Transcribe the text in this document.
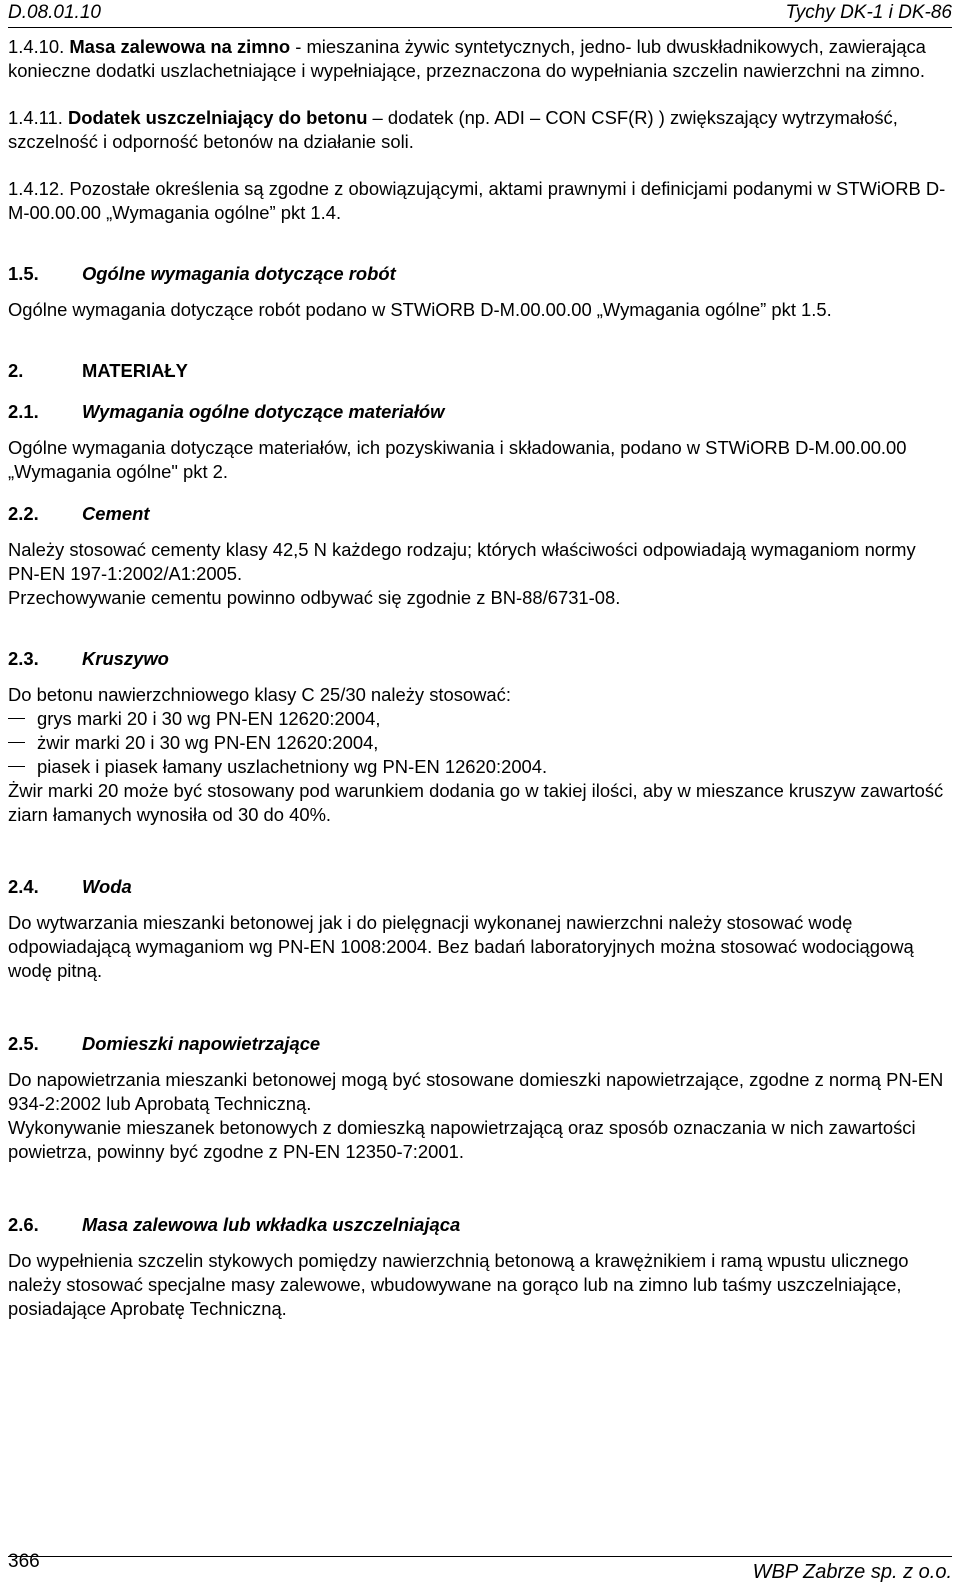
D.08.01.10	Tychy DK-1 i DK-86

1.4.10. Masa zalewowa na zimno - mieszanina żywic syntetycznych, jedno- lub dwuskładnikowych, zawierająca konieczne dodatki uszlachetniające i wypełniające, przeznaczona do wypełniania szczelin nawierzchni na zimno.

1.4.11. Dodatek uszczelniający do betonu – dodatek (np. ADI – CON CSF(R) ) zwiększający wytrzymałość, szczelność i odporność betonów na działanie soli.

1.4.12. Pozostałe określenia są zgodne z obowiązującymi, aktami prawnymi i definicjami podanymi w STWiORB D-M-00.00.00 „Wymagania ogólne” pkt 1.4.

1.5. Ogólne wymagania dotyczące robót

Ogólne wymagania dotyczące robót podano w STWiORB D-M.00.00.00 „Wymagania ogólne” pkt 1.5.

2.	MATERIAŁY

2.1. Wymagania ogólne dotyczące materiałów

Ogólne wymagania dotyczące materiałów, ich pozyskiwania i składowania, podano w STWiORB D-M.00.00.00 „Wymagania ogólne" pkt 2.

2.2. Cement

Należy stosować cementy klasy 42,5 N każdego rodzaju; których właściwości odpowiadają wymaganiom normy PN-EN 197-1:2002/A1:2005.

Przechowywanie cementu powinno odbywać się zgodnie z BN-88/6731-08.

2.3. Kruszywo

Do betonu nawierzchniowego klasy C 25/30 należy stosować:

grys marki 20 i 30 wg PN-EN 12620:2004,
żwir marki 20 i 30 wg PN-EN 12620:2004,
piasek i piasek łamany uszlachetniony wg PN-EN 12620:2004.

Żwir marki 20 może być stosowany pod warunkiem dodania go w takiej ilości, aby w mieszance kruszyw zawartość ziarn łamanych wynosiła od 30 do 40%.

2.4. Woda

Do wytwarzania mieszanki betonowej jak i do pielęgnacji wykonanej nawierzchni należy stosować wodę odpowiadającą wymaganiom wg PN-EN 1008:2004. Bez badań laboratoryjnych można stosować wodociągową wodę pitną.

2.5. Domieszki napowietrzające

Do napowietrzania mieszanki betonowej mogą być stosowane domieszki napowietrzające, zgodne z normą PN-EN 934-2:2002 lub Aprobatą Techniczną.

Wykonywanie mieszanek betonowych z domieszką napowietrzającą oraz sposób oznaczania w nich zawartości powietrza, powinny być zgodne z PN-EN 12350-7:2001.

2.6. Masa zalewowa lub wkładka uszczelniająca

Do wypełnienia szczelin stykowych pomiędzy nawierzchnią betonową a krawężnikiem i ramą wpustu ulicznego należy stosować specjalne masy zalewowe, wbudowywane na gorąco lub na zimno lub taśmy uszczelniające, posiadające Aprobatę Techniczną.

366	WBP Zabrze sp. z o.o.
